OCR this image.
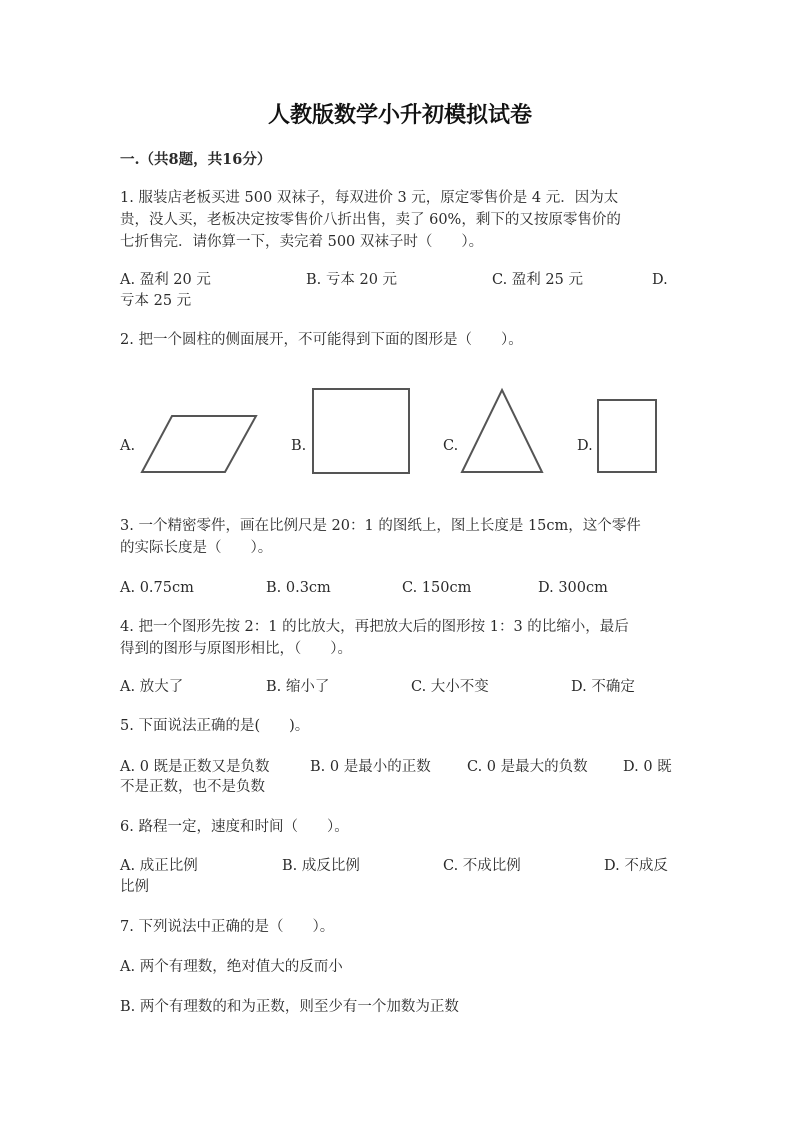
人教版数学小升初模拟试卷
一.（共8题，共16分）
1. 服装店老板买进 500 双袜子，每双进价 3 元，原定零售价是 4 元．因为太
贵，没人买，老板决定按零售价八折出售，卖了 60%，剩下的又按原零售价的
七折售完．请你算一下，卖完着 500 双袜子时（　　）。
A. 盈利 20 元	B. 亏本 20 元	C. 盈利 25 元	D.
亏本 25 元
2. 把一个圆柱的侧面展开，不可能得到下面的图形是（　　）。
A.	B.	C.	D.
3. 一个精密零件，画在比例尺是 20：1 的图纸上，图上长度是 15cm，这个零件
的实际长度是（　　）。
A. 0.75cm	B. 0.3cm	C. 150cm	D. 300cm
4. 把一个图形先按 2：1 的比放大，再把放大后的图形按 1：3 的比缩小，最后
得到的图形与原图形相比，（　　）。
A. 放大了	B. 缩小了	C. 大小不变	D. 不确定
5. 下面说法正确的是(　　)。
A. 0 既是正数又是负数	B. 0 是最小的正数	C. 0 是最大的负数 D. 0 既
不是正数，也不是负数
6. 路程一定，速度和时间（　　）。
A. 成正比例	B. 成反比例	C. 不成比例	D. 不成反
比例
7. 下列说法中正确的是（　　）。
A. 两个有理数，绝对值大的反而小
B. 两个有理数的和为正数，则至少有一个加数为正数
